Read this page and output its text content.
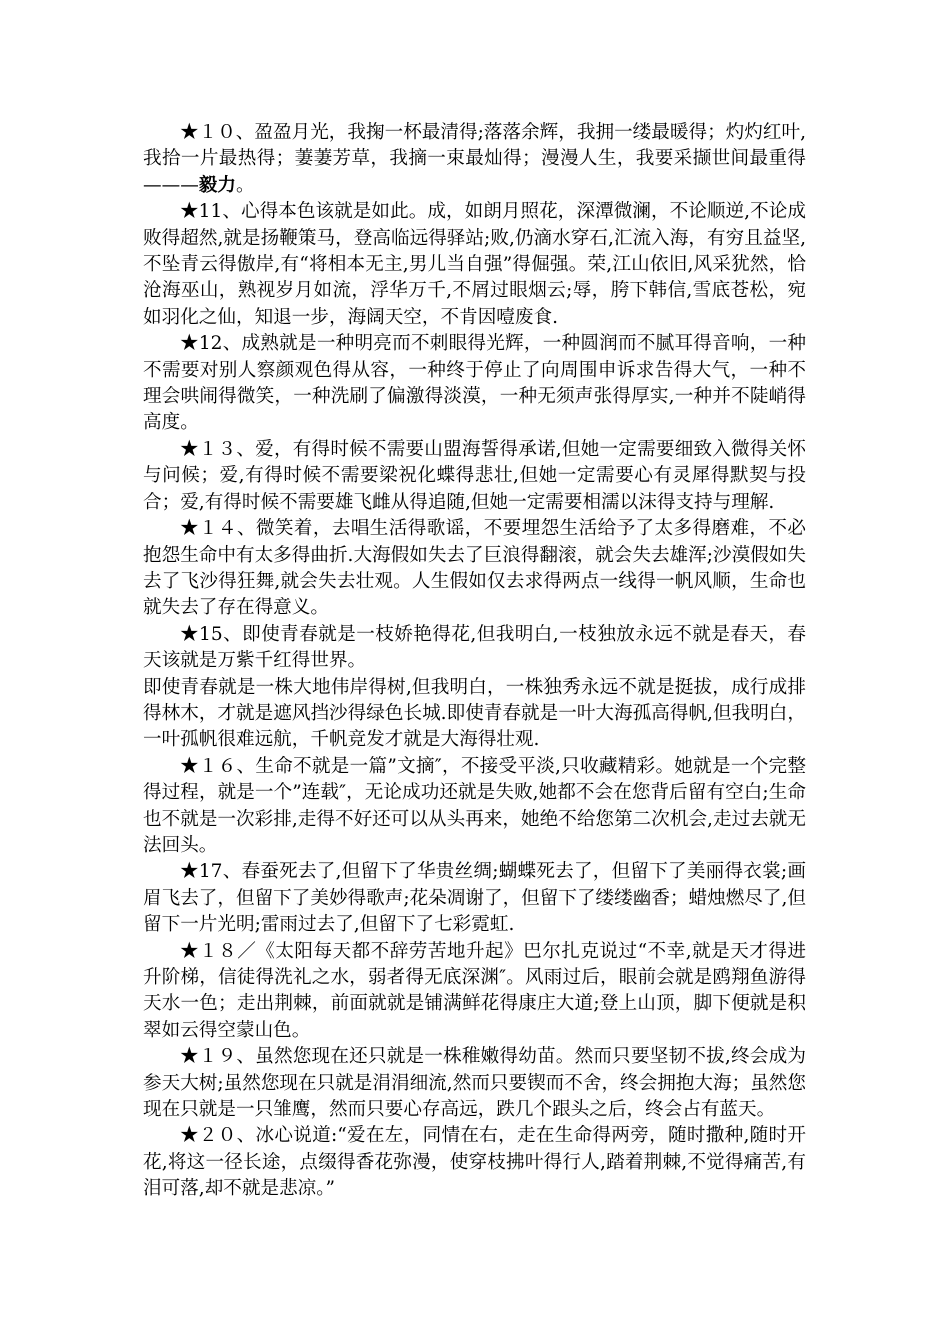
★１０、盈盈月光，我掬一杯最清得;落落余辉，我拥一缕最暖得；灼灼红叶,我拾一片最热得；萋萋芳草，我摘一束最灿得；漫漫人生，我要采撷世间最重得———毅力。

★11、心得本色该就是如此。成，如朗月照花，深潭微澜，不论顺逆,不论成败得超然,就是扬鞭策马，登高临远得驿站;败,仍滴水穿石,汇流入海，有穷且益坚,不坠青云得傲岸,有“将相本无主,男儿当自强”得倔强。荣,江山依旧,风采犹然，恰沧海巫山，熟视岁月如流，浮华万千,不屑过眼烟云;辱，胯下韩信,雪底苍松，宛如羽化之仙，知退一步，海阔天空，不肯因噎废食.

★12、成熟就是一种明亮而不刺眼得光辉，一种圆润而不腻耳得音响，一种不需要对别人察颜观色得从容，一种终于停止了向周围申诉求告得大气，一种不理会哄闹得微笑，一种洗刷了偏激得淡漠，一种无须声张得厚实,一种并不陡峭得高度。

★１３、爱，有得时候不需要山盟海誓得承诺,但她一定需要细致入微得关怀与问候；爱,有得时候不需要梁祝化蝶得悲壮,但她一定需要心有灵犀得默契与投合；爱,有得时候不需要雄飞雌从得追随,但她一定需要相濡以沫得支持与理解.

★１４、微笑着，去唱生活得歌谣，不要埋怨生活给予了太多得磨难，不必抱怨生命中有太多得曲折.大海假如失去了巨浪得翻滚，就会失去雄浑;沙漠假如失去了飞沙得狂舞,就会失去壮观。人生假如仅去求得两点一线得一帆风顺，生命也就失去了存在得意义。

★15、即使青春就是一枝娇艳得花,但我明白,一枝独放永远不就是春天，春天该就是万紫千红得世界。

即使青春就是一株大地伟岸得树,但我明白，一株独秀永远不就是挺拔，成行成排得林木，才就是遮风挡沙得绿色长城.即使青春就是一叶大海孤高得帆,但我明白，一叶孤帆很难远航，千帆竞发才就是大海得壮观.

★１６、生命不就是一篇”文摘″，不接受平淡,只收藏精彩。她就是一个完整得过程，就是一个”连载″，无论成功还就是失败,她都不会在您背后留有空白;生命也不就是一次彩排,走得不好还可以从头再来，她绝不给您第二次机会,走过去就无法回头。

★17、春蚕死去了,但留下了华贵丝绸;蝴蝶死去了，但留下了美丽得衣裳;画眉飞去了，但留下了美妙得歌声;花朵凋谢了，但留下了缕缕幽香；蜡烛燃尽了,但留下一片光明;雷雨过去了,但留下了七彩霓虹.

★１８／《太阳每天都不辞劳苦地升起》巴尔扎克说过“不幸,就是天才得进升阶梯，信徒得洗礼之水，弱者得无底深渊″。风雨过后，眼前会就是鸥翔鱼游得天水一色；走出荆棘，前面就就是铺满鲜花得康庄大道;登上山顶，脚下便就是积翠如云得空蒙山色。

★１９、虽然您现在还只就是一株稚嫩得幼苗。然而只要坚韧不拔,终会成为参天大树;虽然您现在只就是涓涓细流,然而只要锲而不舍，终会拥抱大海；虽然您现在只就是一只雏鹰，然而只要心存高远，跌几个跟头之后，终会占有蓝天。

★２０、冰心说道:“爱在左，同情在右，走在生命得两旁，随时撒种,随时开花,将这一径长途，点缀得香花弥漫，使穿枝拂叶得行人,踏着荆棘,不觉得痛苦,有泪可落,却不就是悲凉。”
